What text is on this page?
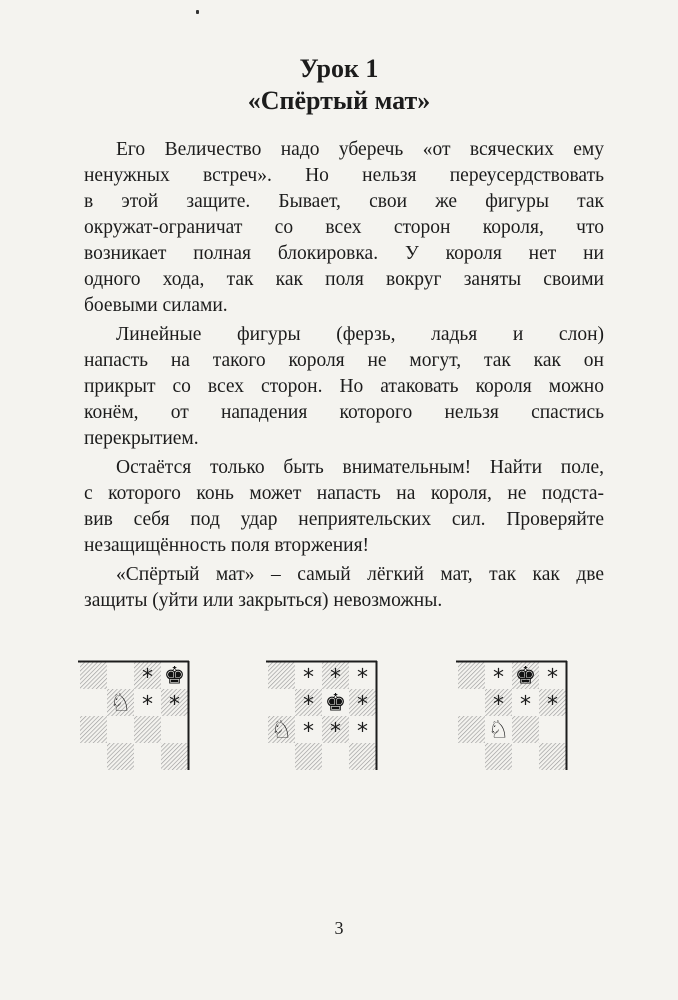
Урок 1
«Спёртый мат»
Его Величество надо уберечь «от всяческих ему
ненужных встреч». Но нельзя переусердствовать
в этой защите. Бывает, свои же фигуры так
окружат-ограничат со всех сторон короля, что
возникает полная блокировка. У короля нет ни
одного хода, так как поля вокруг заняты своими
боевыми силами.
Линейные фигуры (ферзь, ладья и слон)
напасть на такого короля не могут, так как он
прикрыт со всех сторон. Но атаковать короля можно
конём, от нападения которого нельзя спастись
перекрытием.
Остаётся только быть внимательным! Найти поле,
с которого конь может напасть на короля, не подста-
вив себя под удар неприятельских сил. Проверяйте
незащищённость поля вторжения!
«Спёртый мат» – самый лёгкий мат, так как две
защиты (уйти или закрыться) невозможны.
*
* *
♚
♘
* * *
* *
* * *
♚
♘
* *
* * *
♚
♘
3
